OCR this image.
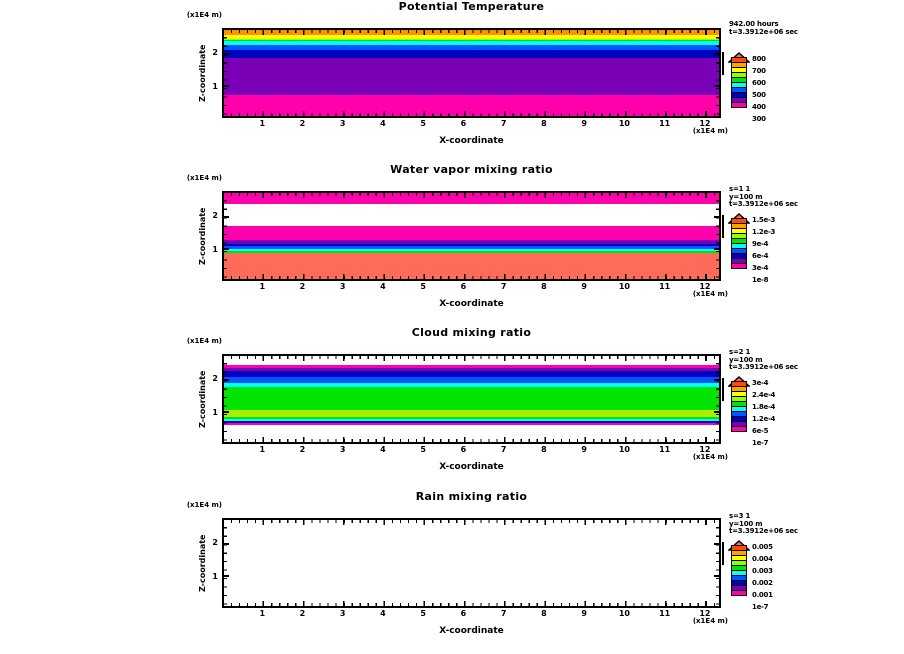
Potential Temperature
(x1E4 m)
Z-coordinate 2
1
1	2	3	4	5	6	7	8	9	10	11	12
(x1E4 m)
X-coordinate
942.00 hours
t=3.3912e+06 sec
800
700
600
500
400
300
Water vapor mixing ratio
(x1E4 m)
Z-coordinate 2
1
1	2	3	4	5	6	7	8	9	10	11	12
(x1E4 m)
X-coordinate
s=1 1
y=100 m
t=3.3912e+06 sec
1.5e-3
1.2e-3
9e-4
6e-4
3e-4
1e-8
Cloud mixing ratio
(x1E4 m)
Z-coordinate 2
1
1	2	3	4	5	6	7	8	9	10	11	12
(x1E4 m)
X-coordinate
s=2 1
y=100 m
t=3.3912e+06 sec
3e-4
2.4e-4
1.8e-4
1.2e-4
6e-5
1e-7
Rain mixing ratio
(x1E4 m)
Z-coordinate 2
1
1	2	3	4	5	6	7	8	9	10	11	12
(x1E4 m)
X-coordinate
s=3 1
y=100 m
t=3.3912e+06 sec
0.005
0.004
0.003
0.002
0.001
1e-7
